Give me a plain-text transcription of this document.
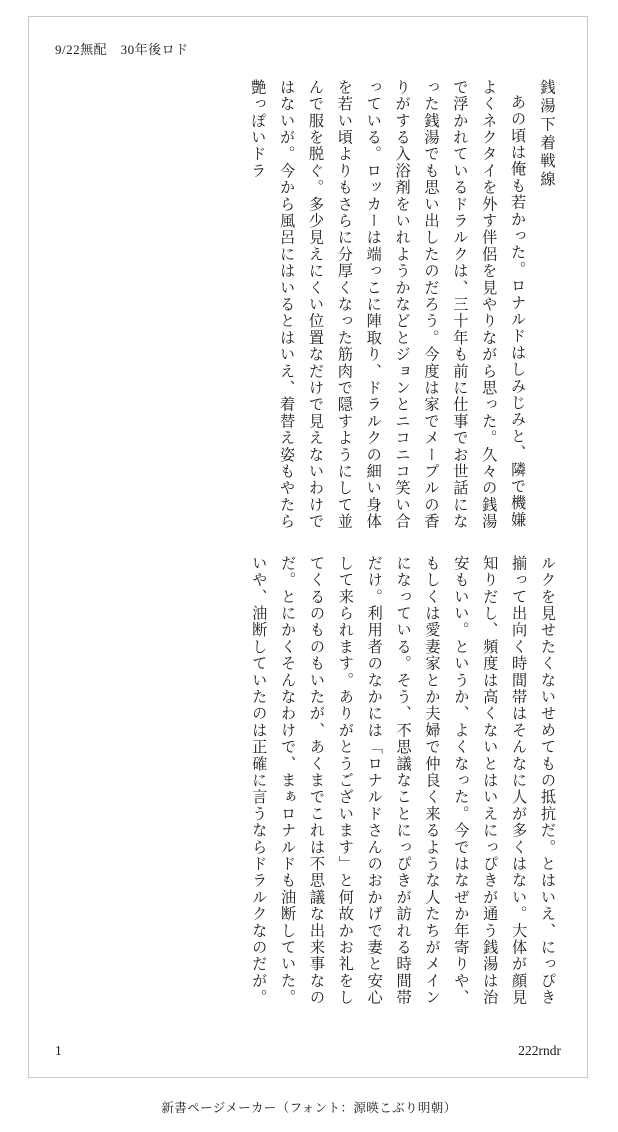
9/22無配　30年後ロド
銭湯下着戦線

あの頃は俺も若かった。ロナルドはしみじみと、隣で機嫌よくネクタイを外す伴侶を見やりながら思った。久々の銭湯で浮かれているドラルクは、三十年も前に仕事でお世話になった銭湯でも思い出したのだろう。今度は家でメープルの香りがする入浴剤をいれようかなどとジョンとニコニコ笑い合っている。ロッカーは端っこに陣取り、ドラルクの細い身体を若い頃よりもさらに分厚くなった筋肉で隠すようにして並んで服を脱ぐ。多少見えにくい位置なだけで見えないわけではないが。今から風呂にはいるとはいえ、着替え姿もやたら艶っぽいドラ

ルクを見せたくないせめてもの抵抗だ。とはいえ、にっぴき揃って出向く時間帯はそんなに人が多くはない。大体が顔見知りだし、頻度は高くないとはいえにっぴきが通う銭湯は治安もいい。というか、よくなった。今ではなぜか年寄りや、もしくは愛妻家とか夫婦で仲良く来るような人たちがメインになっている。そう、不思議なことにっぴきが訪れる時間帯だけ。利用者のなかには「ロナルドさんのおかげで妻と安心して来られます。ありがとうございます」と何故かお礼をしてくるのものもいたが、あくまでこれは不思議な出来事なのだ。とにかくそんなわけで、まぁロナルドも油断していた。いや、油断していたのは正確に言うならドラルクなのだが。

1	222rndr
新書ページメーカー（フォント：源暎こぶり明朝）
